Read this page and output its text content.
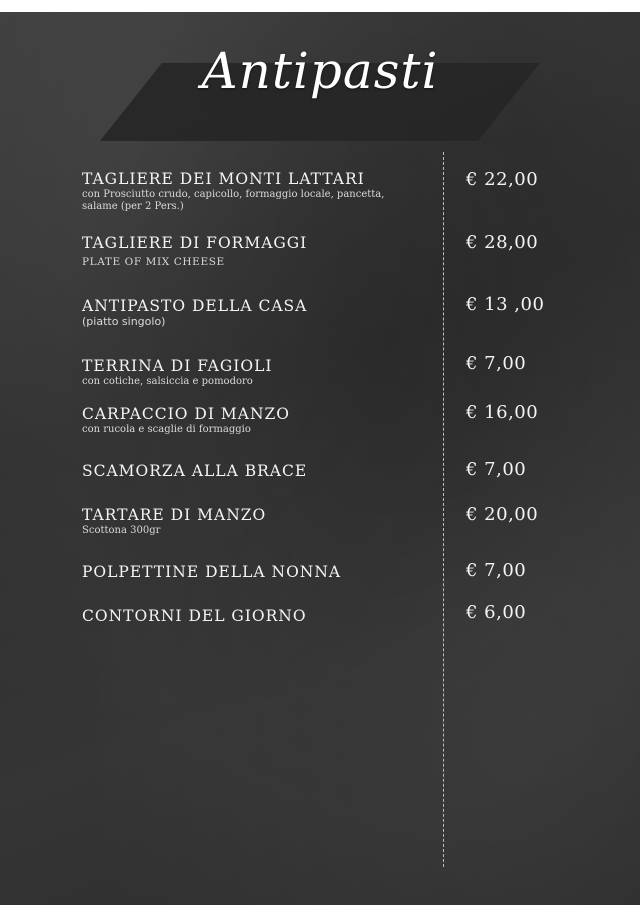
Antipasti
TAGLIERE DEI MONTI LATTARI
con Prosciutto crudo, capicollo, formaggio locale, pancetta, salame (per 2 Pers.)
€ 22,00
TAGLIERE DI FORMAGGI
PLATE OF MIX CHEESE
€ 28,00
ANTIPASTO DELLA CASA
(piatto singolo)
€ 13 ,00
TERRINA DI FAGIOLI
con cotiche, salsiccia e pomodoro
€ 7,00
CARPACCIO DI MANZO
con rucola e scaglie di formaggio
€ 16,00
SCAMORZA ALLA BRACE	€ 7,00
TARTARE DI MANZO
Scottona 300gr
€ 20,00
POLPETTINE DELLA NONNA	€ 7,00
CONTORNI DEL GIORNO	€ 6,00
